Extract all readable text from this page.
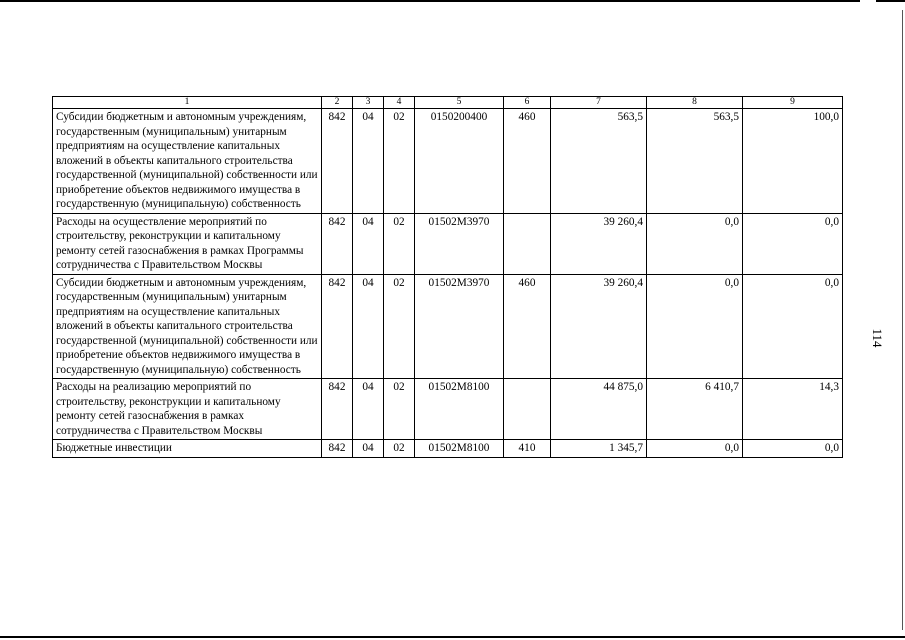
114
1	2	3	4	5	6	7	8	9
Субсидии бюджетным и автономным учреждениям, государственным (муниципальным) унитарным предприятиям на осуществление капитальных вложений в объекты капитального строительства государственной (муниципальной) собственности или приобретение объектов недвижимого имущества в государственную (муниципальную) собственность	842	04	02	0150200400	460	563,5	563,5	100,0
Расходы на осуществление мероприятий по строительству, реконструкции и капитальному ремонту сетей газоснабжения в рамках Программы сотрудничества с Правительством Москвы	842	04	02	01502M3970		39 260,4	0,0	0,0
Субсидии бюджетным и автономным учреждениям, государственным (муниципальным) унитарным предприятиям на осуществление капитальных вложений в объекты капитального строительства государственной (муниципальной) собственности или приобретение объектов недвижимого имущества в государственную (муниципальную) собственность	842	04	02	01502M3970	460	39 260,4	0,0	0,0
Расходы на реализацию мероприятий по строительству, реконструкции и капитальному ремонту сетей газоснабжения в рамках сотрудничества с Правительством Москвы	842	04	02	01502M8100		44 875,0	6 410,7	14,3
Бюджетные инвестиции	842	04	02	01502M8100	410	1 345,7	0,0	0,0
